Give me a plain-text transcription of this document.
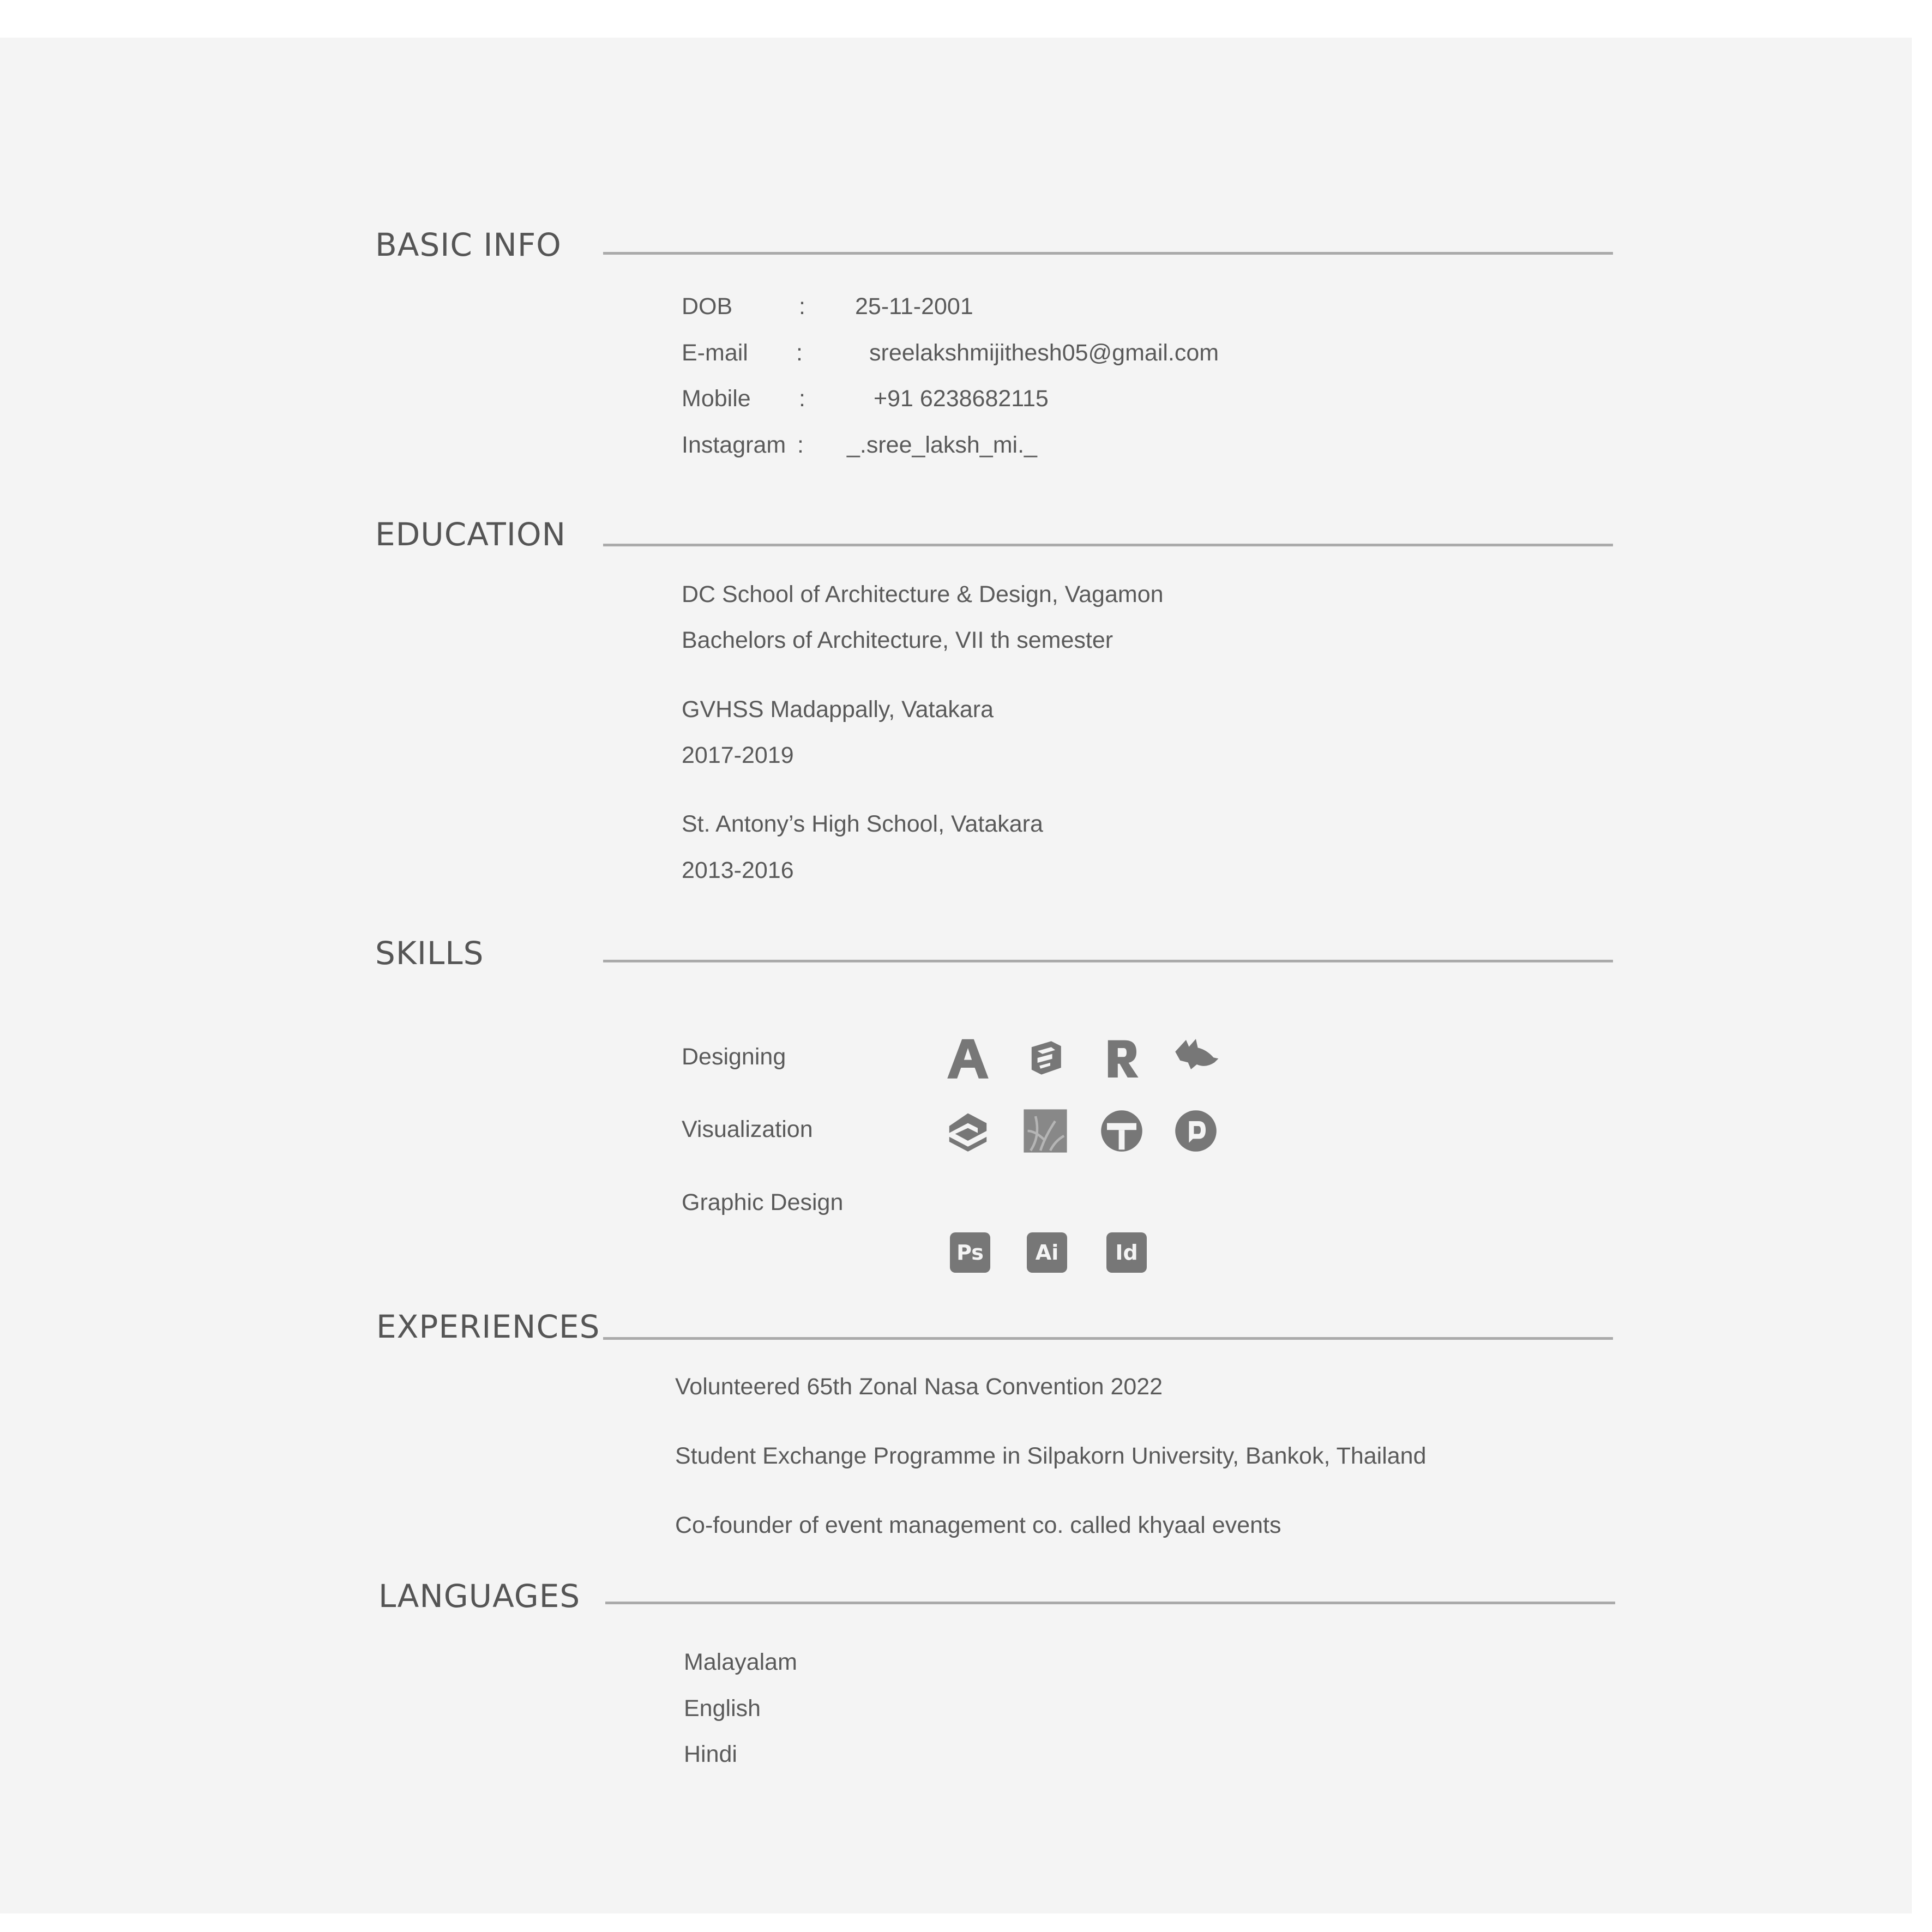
BASIC INFO
DOB	: 25-11-2001
E-mail :	sreelakshmijithesh05@gmail.com
Mobile :	+91 6238682115
Instagram : _.sree_laksh_mi._
EDUCATION
DC School of Architecture & Design, Vagamon
Bachelors of Architecture, VII th semester
GVHSS Madappally, Vatakara
2017-2019
St. Antony’s High School, Vatakara
2013-2016
SKILLS
Designing
Visualization
Graphic Design
Ps	Ai	Id
EXPERIENCES
Volunteered 65th Zonal Nasa Convention 2022
Student Exchange Programme in Silpakorn University, Bankok, Thailand
Co-founder of event management co. called khyaal events
LANGUAGES
Malayalam
English
Hindi
